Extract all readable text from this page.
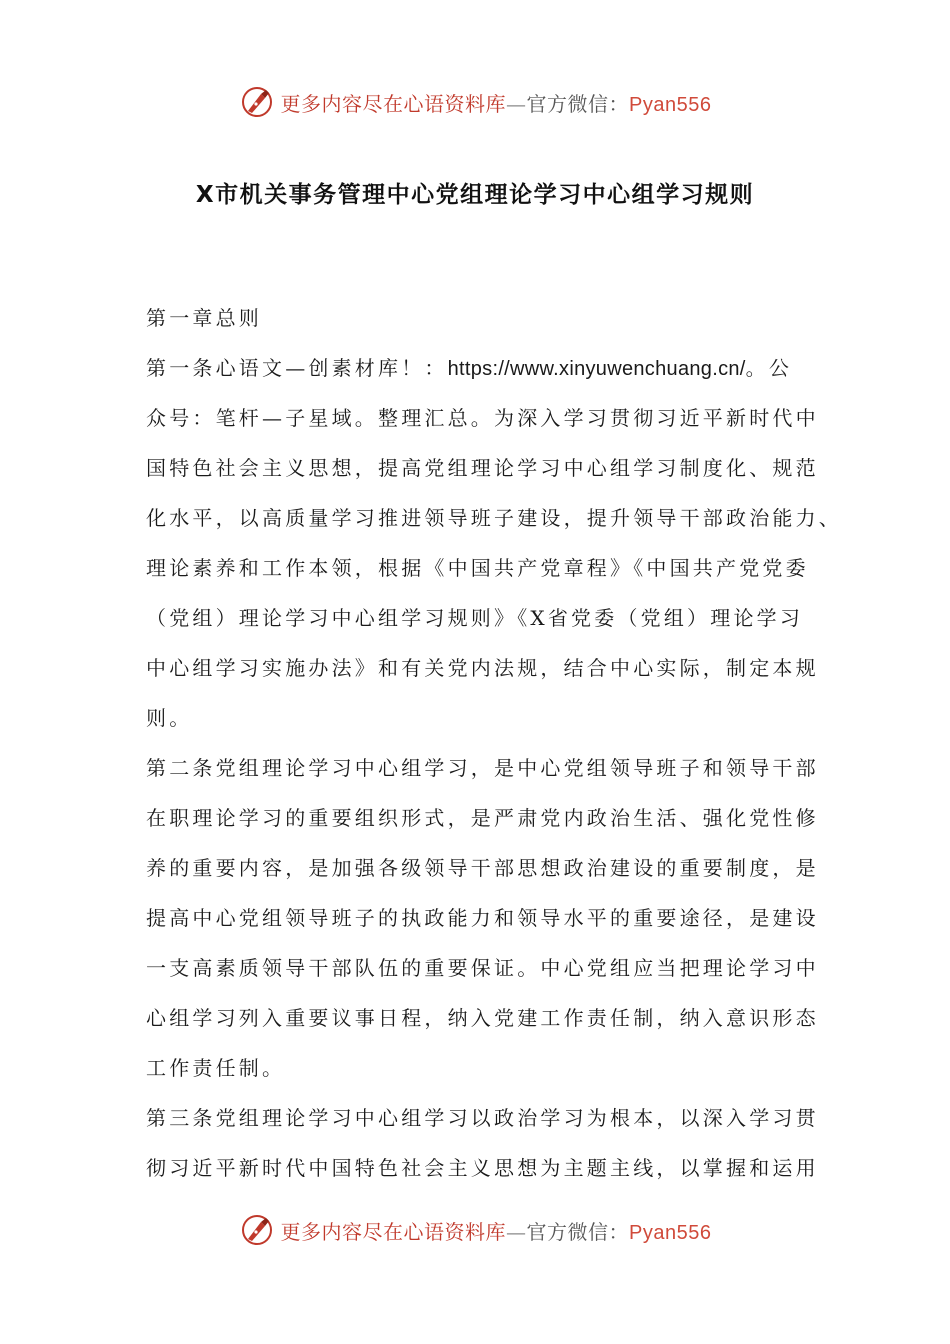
更多内容尽在心语资料库—官方微信：Pyan556
X市机关事务管理中心党组理论学习中心组学习规则
第一章总则
第一条心语文—创素材库！：https://www.xinyuwenchuang.cn/。公
众号：笔杆—子星域。整理汇总。为深入学习贯彻习近平新时代中
国特色社会主义思想，提高党组理论学习中心组学习制度化、规范
化水平，以高质量学习推进领导班子建设，提升领导干部政治能力、
理论素养和工作本领，根据《中国共产党章程》《中国共产党党委
（党组）理论学习中心组学习规则》《X省党委（党组）理论学习
中心组学习实施办法》和有关党内法规，结合中心实际，制定本规
则。
第二条党组理论学习中心组学习，是中心党组领导班子和领导干部
在职理论学习的重要组织形式，是严肃党内政治生活、强化党性修
养的重要内容，是加强各级领导干部思想政治建设的重要制度，是
提高中心党组领导班子的执政能力和领导水平的重要途径，是建设
一支高素质领导干部队伍的重要保证。中心党组应当把理论学习中
心组学习列入重要议事日程，纳入党建工作责任制，纳入意识形态
工作责任制。
第三条党组理论学习中心组学习以政治学习为根本，以深入学习贯
彻习近平新时代中国特色社会主义思想为主题主线，以掌握和运用
更多内容尽在心语资料库—官方微信：Pyan556
